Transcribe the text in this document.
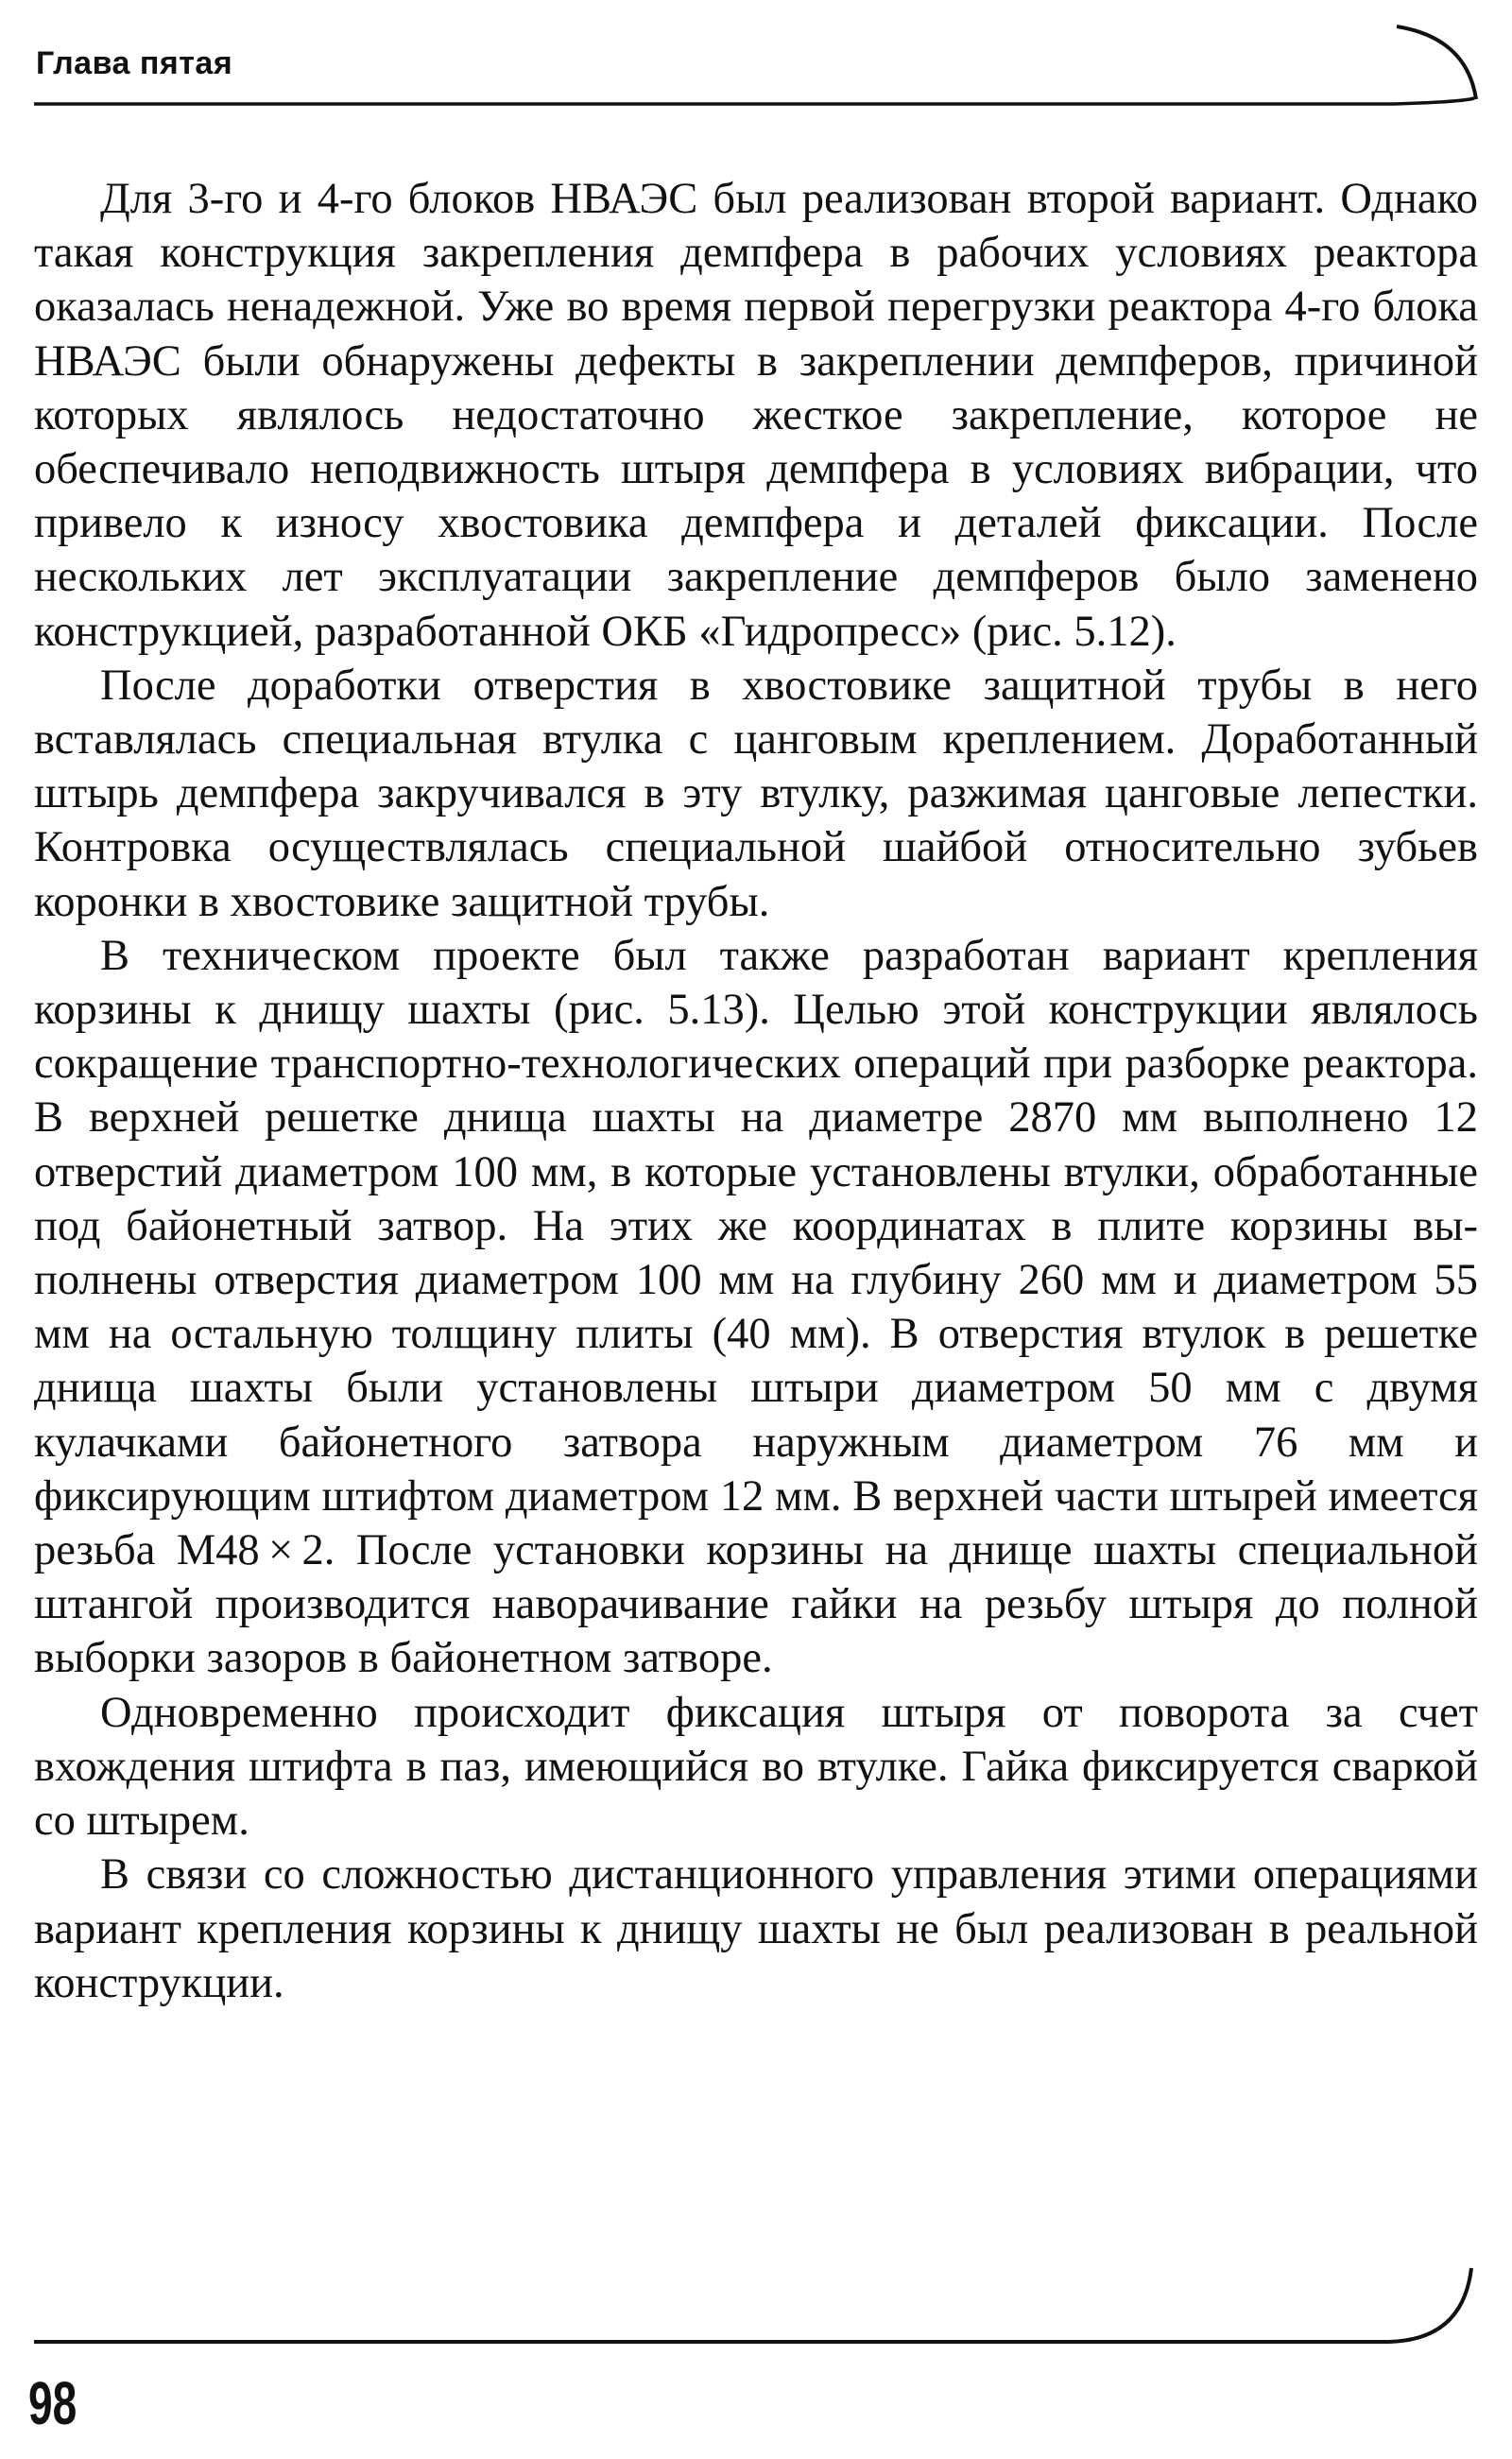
Глава пятая

Для 3-го и 4-го блоков НВАЭС был реализован второй вариант. Однако такая конструкция закрепления демпфера в рабочих условиях реактора оказалась ненадежной. Уже во время первой перегрузки реактора 4-го блока НВАЭС были обнаружены дефекты в закреплении демпферов, причиной которых являлось недостаточно жесткое закрепление, которое не обеспечивало неподвижность штыря демпфера в условиях вибрации, что привело к износу хвостовика демпфера и деталей фиксации. После нескольких лет эксплуатации закрепление демпферов было заменено конструкцией, разработанной ОКБ «Гидропресс» (рис. 5.12).

После доработки отверстия в хвостовике защитной трубы в него вставлялась специальная втулка с цанговым креплением. Доработанный штырь демпфера закручивался в эту втулку, разжимая цанговые лепестки. Контровка осуществлялась специальной шайбой относительно зубьев коронки в хвостовике защитной трубы.

В техническом проекте был также разработан вариант крепления корзины к днищу шахты (рис. 5.13). Целью этой конструкции являлось сокращение транспортно-технологических операций при разборке реактора. В верхней решетке днища шахты на диаметре 2870 мм выполнено 12 отверстий диаметром 100 мм, в которые установлены втулки, обработанные под байонетный затвор. На этих же координатах в плите корзины выполнены отверстия диаметром 100 мм на глубину 260 мм и диаметром 55 мм на остальную толщину плиты (40 мм). В отверстия втулок в решетке днища шахты были установлены штыри диаметром 50 мм с двумя кулачками байонетного затвора наружным диаметром 76 мм и фиксирующим штифтом диаметром 12 мм. В верхней части штырей имеется резьба М48 × 2. После установки корзины на днище шахты специальной штангой производится наворачивание гайки на резьбу штыря до полной выборки зазоров в байонетном затворе.

Одновременно происходит фиксация штыря от поворота за счет вхождения штифта в паз, имеющийся во втулке. Гайка фиксируется сваркой со штырем.

В связи со сложностью дистанционного управления этими операциями вариант крепления корзины к днищу шахты не был реализован в реальной конструкции.

98
